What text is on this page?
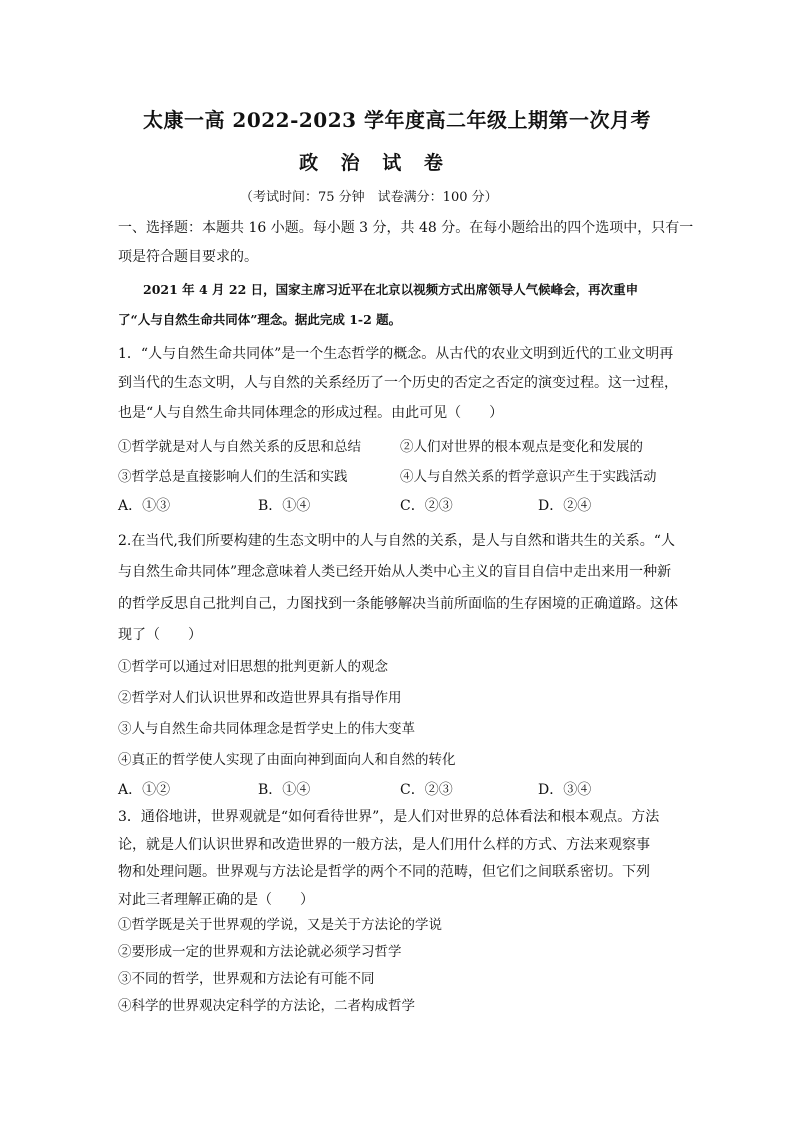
太康一高 2022-2023 学年度高二年级上期第一次月考
政 治 试 卷
（考试时间：75 分钟　试卷满分：100 分）
一、选择题：本题共 16 小题。每小题 3 分，共 48 分。在每小题给出的四个选项中，只有一
项是符合题目要求的。
　　2021 年 4 月 22 日，国家主席习近平在北京以视频方式出席领导人气候峰会，再次重申
了“人与自然生命共同体”理念。据此完成 1-2 题。
1．“人与自然生命共同体”是一个生态哲学的概念。从古代的农业文明到近代的工业文明再
到当代的生态文明，人与自然的关系经历了一个历史的否定之否定的演变过程。这一过程，
也是“人与自然生命共同体理念的形成过程。由此可见（　　）
①哲学就是对人与自然关系的反思和总结	②人们对世界的根本观点是变化和发展的
③哲学总是直接影响人们的生活和实践	④人与自然关系的哲学意识产生于实践活动
A．①③	B．①④	C．②③	D．②④
2.在当代,我们所要构建的生态文明中的人与自然的关系，是人与自然和谐共生的关系。“人
与自然生命共同体”理念意味着人类已经开始从人类中心主义的盲目自信中走出来用一种新
的哲学反思自己批判自己，力图找到一条能够解决当前所面临的生存困境的正确道路。这体
现了（　　）
①哲学可以通过对旧思想的批判更新人的观念
②哲学对人们认识世界和改造世界具有指导作用
③人与自然生命共同体理念是哲学史上的伟大变革
④真正的哲学使人实现了由面向神到面向人和自然的转化
A．①②	B．①④	C．②③	D．③④
3．通俗地讲，世界观就是“如何看待世界”，是人们对世界的总体看法和根本观点。方法
论，就是人们认识世界和改造世界的一般方法，是人们用什么样的方式、方法来观察事
物和处理问题。世界观与方法论是哲学的两个不同的范畴，但它们之间联系密切。下列
对此三者理解正确的是（　　）
①哲学既是关于世界观的学说，又是关于方法论的学说
②要形成一定的世界观和方法论就必须学习哲学
③不同的哲学，世界观和方法论有可能不同
④科学的世界观决定科学的方法论，二者构成哲学
